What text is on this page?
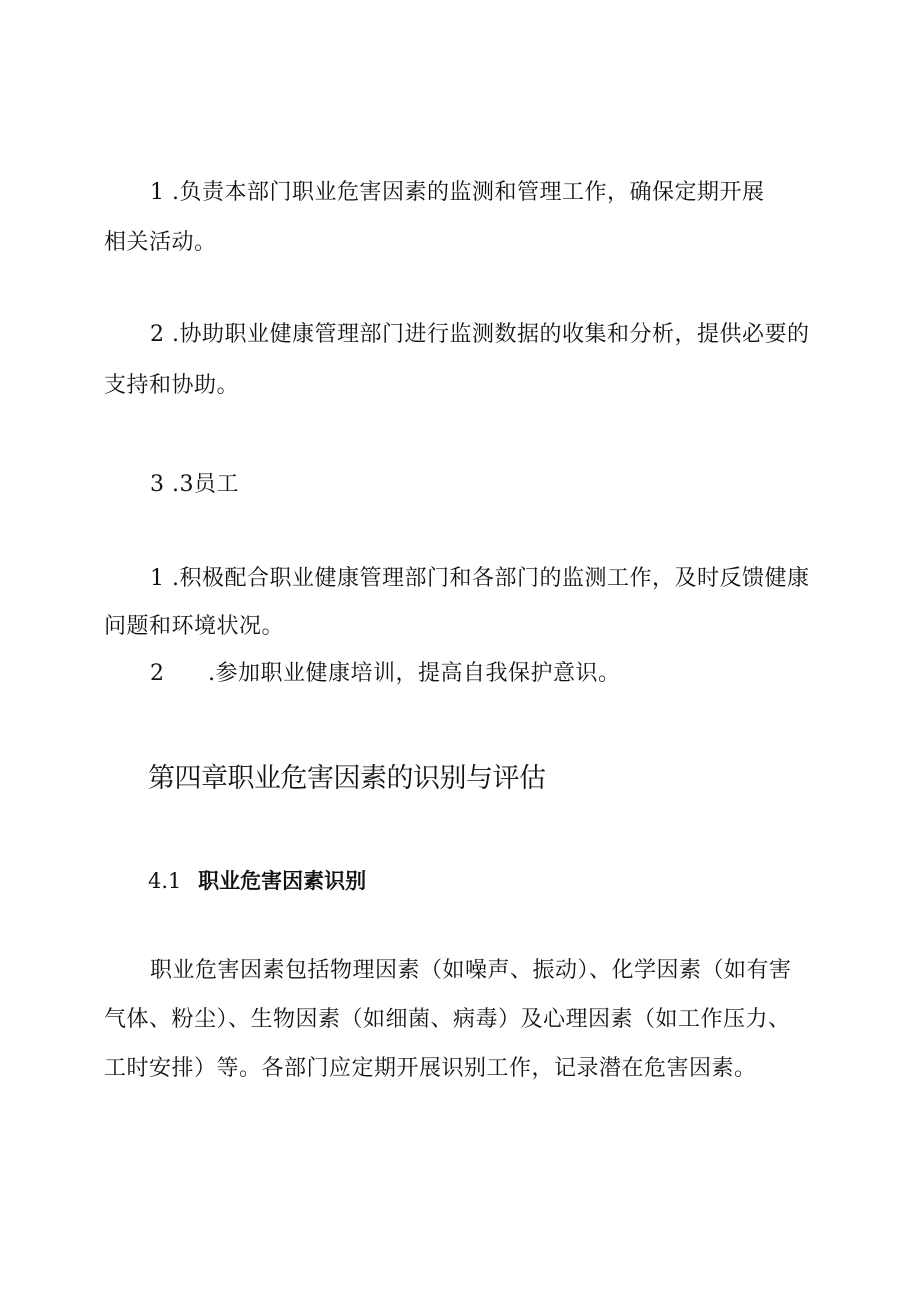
1 .负责本部门职业危害因素的监测和管理工作，确保定期开展
相关活动。
2 .协助职业健康管理部门进行监测数据的收集和分析，提供必要的
支持和协助。
3 .3员工
1 .积极配合职业健康管理部门和各部门的监测工作，及时反馈健康
问题和环境状况。
2 .参加职业健康培训，提高自我保护意识。
第四章职业危害因素的识别与评估
4.1 职业危害因素识别
职业危害因素包括物理因素（如噪声、振动）、化学因素（如有害
气体、粉尘）、生物因素（如细菌、病毒）及心理因素（如工作压力、
工时安排）等。各部门应定期开展识别工作，记录潜在危害因素。
